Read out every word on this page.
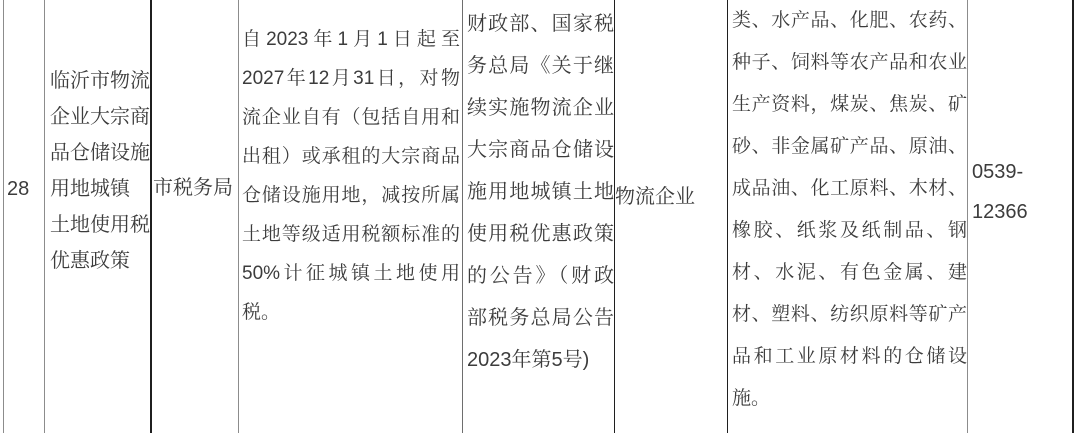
28
临沂市物流
企业大宗商
品仓储设施
用地城镇
土地使用税
优惠政策
市税务局
自2023年1月1日起至
2027年12月31日，对物
流企业自有（包括自用和
出租）或承租的大宗商品
仓储设施用地，减按所属
土地等级适用税额标准的
50%计征城镇土地使用
税。
财政部、国家税
务总局《关于继
续实施物流企业
大宗商品仓储设
施用地城镇土地
使用税优惠政策
的公告》（财政
部税务总局公告
2023年第5号)
物流企业
类、水产品、化肥、农药、
种子、饲料等农产品和农业
生产资料，煤炭、焦炭、矿
砂、非金属矿产品、原油、
成品油、化工原料、木材、
橡胶、纸浆及纸制品、钢
材、水泥、有色金属、建
材、塑料、纺织原料等矿产
品和工业原材料的仓储设
施。
0539-
12366
